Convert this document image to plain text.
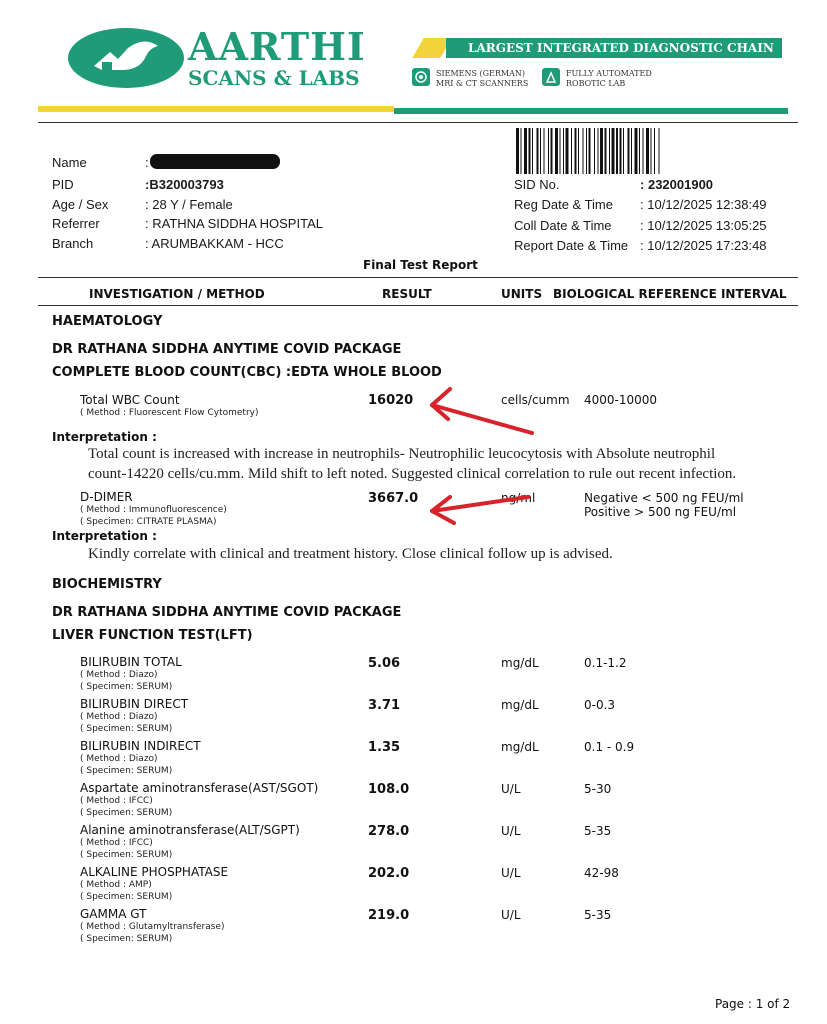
AARTHI
SCANS & LABS
LARGEST INTEGRATED DIAGNOSTIC CHAIN
SIEMENS (GERMAN)
MRI & CT SCANNERS
FULLY AUTOMATED
ROBOTIC LAB
Name	:
PID	:B320003793
Age / Sex	: 28 Y / Female
Referrer	: RATHNA SIDDHA HOSPITAL
Branch	: ARUMBAKKAM - HCC
SID No.	: 232001900
Reg Date & Time : 10/12/2025 12:38:49
Coll Date & Time : 10/12/2025 13:05:25
Report Date & Time : 10/12/2025 17:23:48
Final Test Report
INVESTIGATION / METHOD	RESULT	UNITS BIOLOGICAL REFERENCE INTERVAL
HAEMATOLOGY
DR RATHANA SIDDHA ANYTIME COVID PACKAGE
COMPLETE BLOOD COUNT(CBC) :EDTA WHOLE BLOOD
Total WBC Count
( Method : Fluorescent Flow Cytometry)
16020	cells/cumm 4000-10000
Interpretation :
Total count is increased with increase in neutrophils- Neutrophilic leucocytosis with Absolute neutrophil
count-14220 cells/cu.mm. Mild shift to left noted. Suggested clinical correlation to rule out recent infection.
D-DIMER
( Method : Immunofluorescence)
( Specimen: CITRATE PLASMA)
3667.0	ng/ml	Negative < 500 ng FEU/ml
Positive > 500 ng FEU/ml
Interpretation :
Kindly correlate with clinical and treatment history. Close clinical follow up is advised.
BIOCHEMISTRY
DR RATHANA SIDDHA ANYTIME COVID PACKAGE
LIVER FUNCTION TEST(LFT)
BILIRUBIN TOTAL
( Method : Diazo)
( Specimen: SERUM)
5.06	mg/dL	0.1-1.2
BILIRUBIN DIRECT
( Method : Diazo)
( Specimen: SERUM)
3.71	mg/dL	0-0.3
BILIRUBIN INDIRECT
( Method : Diazo)
( Specimen: SERUM)
1.35	mg/dL	0.1 - 0.9
Aspartate aminotransferase(AST/SGOT)
( Method : IFCC)
( Specimen: SERUM)
108.0	U/L	5-30
Alanine aminotransferase(ALT/SGPT)
( Method : IFCC)
( Specimen: SERUM)
278.0	U/L	5-35
ALKALINE PHOSPHATASE
( Method : AMP)
( Specimen: SERUM)
202.0	U/L	42-98
GAMMA GT
( Method : Glutamyltransferase)
( Specimen: SERUM)
219.0	U/L	5-35
Page : 1 of 2
